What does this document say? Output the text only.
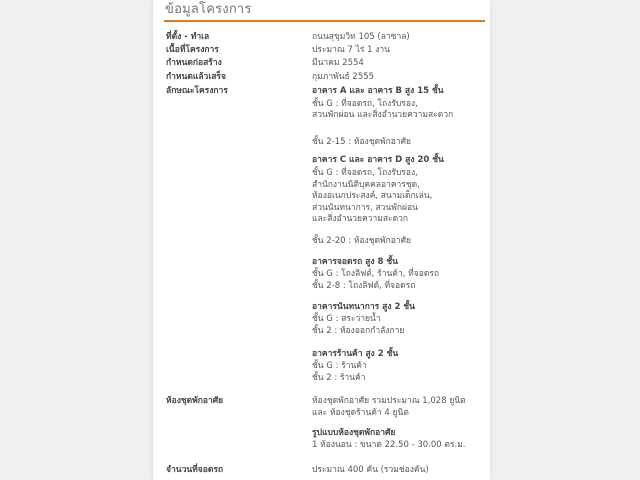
ข้อมูลโครงการ
ที่ตั้ง - ทำเล	ถนนสุขุมวิท 105 (ลาซาล)
เนื้อที่โครงการ	ประมาณ 7 ไร่ 1 งาน
กำหนดก่อสร้าง	มีนาคม 2554
กำหนดแล้วเสร็จ	กุมภาพันธ์ 2555
ลักษณะโครงการ	อาคาร A และ อาคาร B สูง 15 ชั้น
ชั้น G : ที่จอดรถ, โถงรับรอง,
สวนพักผ่อน และสิ่งอำนวยความสะดวก
ชั้น 2-15 : ห้องชุดพักอาศัย
อาคาร C และ อาคาร D สูง 20 ชั้น
ชั้น G : ที่จอดรถ, โถงรับรอง,
สำนักงานนิติบุคคลอาคารชุด,
ห้องอเนกประสงค์, สนามเด็กเล่น,
ส่วนนันทนาการ, สวนพักผ่อน
และสิ่งอำนวยความสะดวก
ชั้น 2-20 : ห้องชุดพักอาศัย
อาคารจอดรถ สูง 8 ชั้น
ชั้น G : โถงลิฟต์, ร้านค้า, ที่จอดรถ
ชั้น 2-8 : โถงลิฟต์, ที่จอดรถ
อาคารนันทนาการ สูง 2 ชั้น
ชั้น G : สระว่ายน้ำ
ชั้น 2 : ห้องออกกำลังกาย
อาคารร้านค้า สูง 2 ชั้น
ชั้น G : ร้านค้า
ชั้น 2 : ร้านค้า
ห้องชุดพักอาศัย	ห้องชุดพักอาศัย รวมประมาณ 1,028 ยูนิต
และ ห้องชุดร้านค้า 4 ยูนิต
รูปแบบห้องชุดพักอาศัย
1 ห้องนอน : ขนาด 22.50 - 30.00 ตร.ม.
จำนวนที่จอดรถ	ประมาณ 400 คัน (รวมช่องคัน)
